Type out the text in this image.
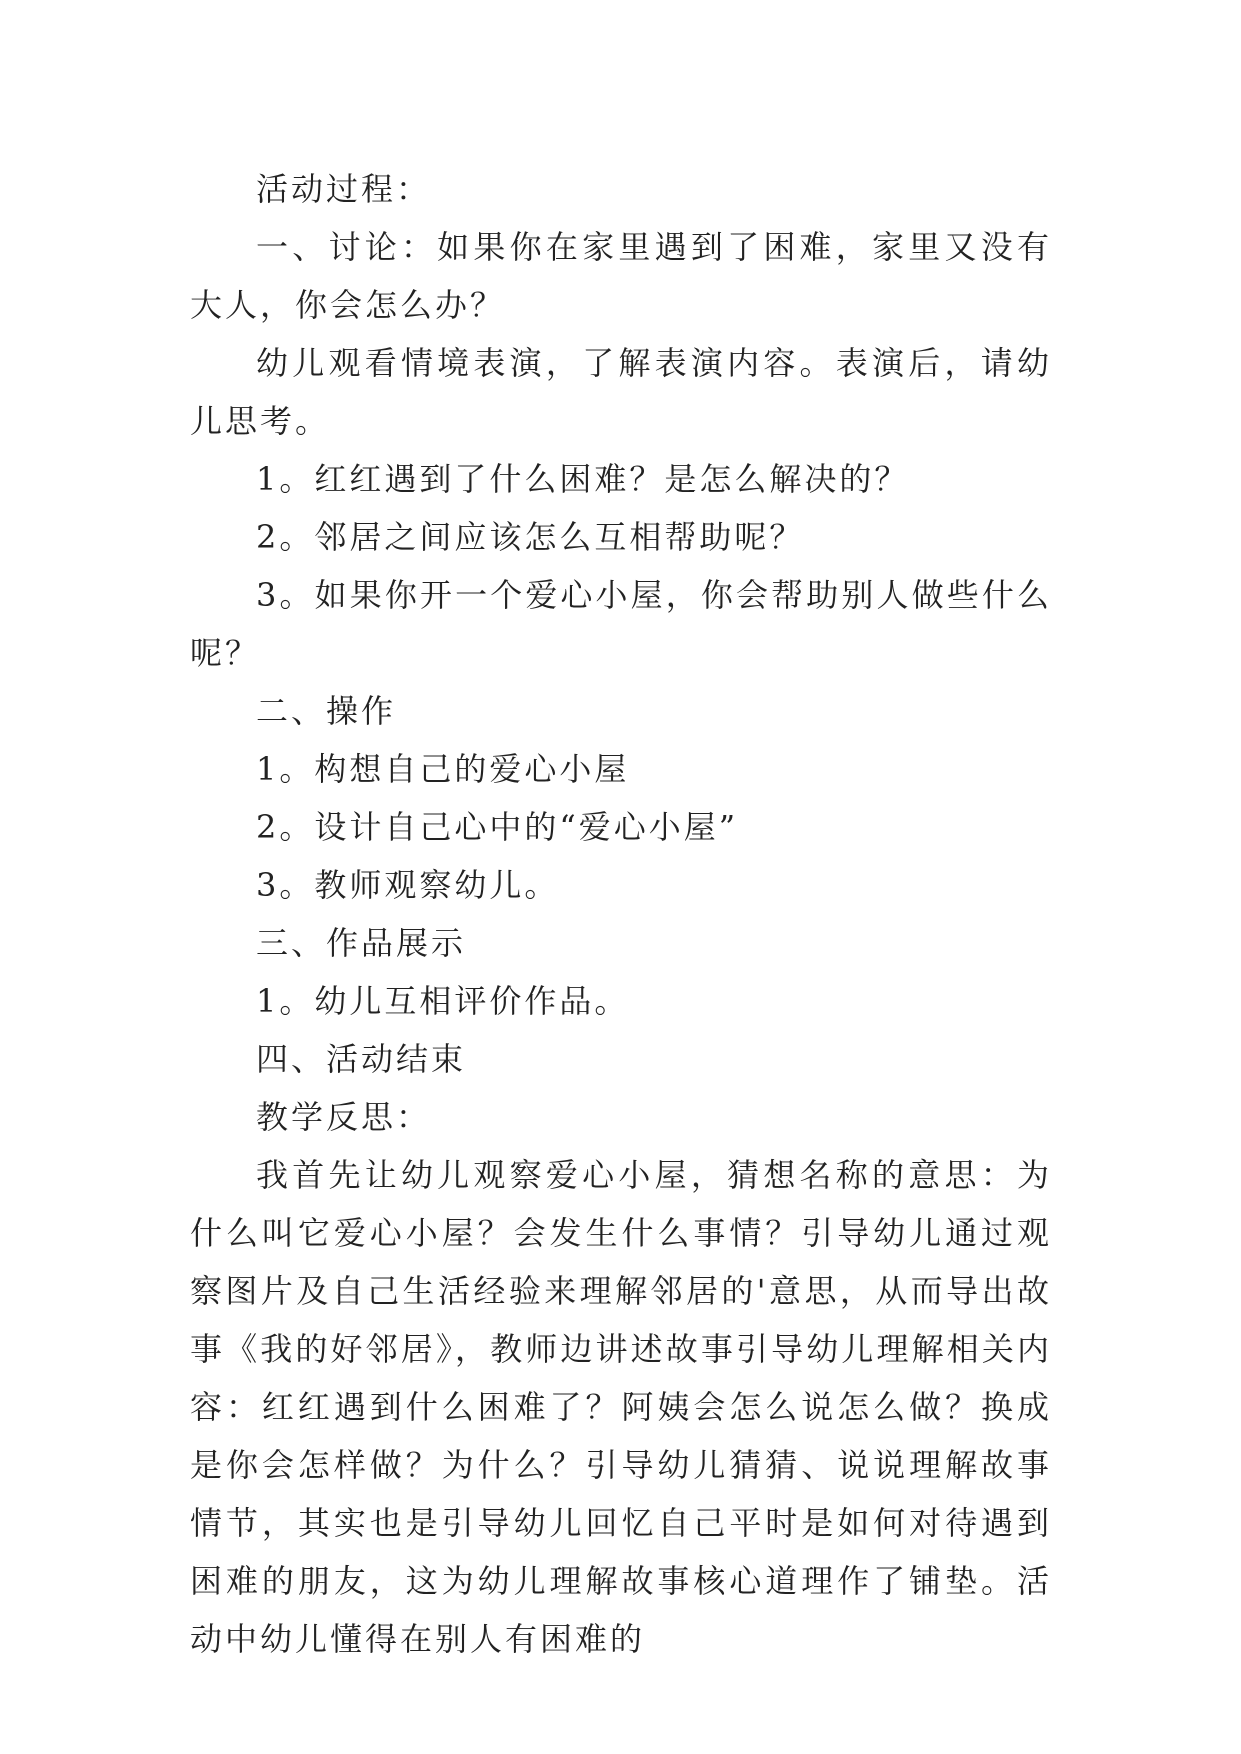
活动过程：

一、讨论：如果你在家里遇到了困难，家里又没有大人，你会怎么办？

幼儿观看情境表演，了解表演内容。表演后，请幼儿思考。

1。红红遇到了什么困难？是怎么解决的？

2。邻居之间应该怎么互相帮助呢？

3。如果你开一个爱心小屋，你会帮助别人做些什么呢？

二、操作

1。构想自己的爱心小屋

2。设计自己心中的“爱心小屋”

3。教师观察幼儿。

三、作品展示

1。幼儿互相评价作品。

四、活动结束

教学反思：

我首先让幼儿观察爱心小屋，猜想名称的意思：为什么叫它爱心小屋？会发生什么事情？引导幼儿通过观察图片及自己生活经验来理解邻居的'意思，从而导出故事《我的好邻居》，教师边讲述故事引导幼儿理解相关内容：红红遇到什么困难了？阿姨会怎么说怎么做？换成是你会怎样做？为什么？引导幼儿猜猜、说说理解故事情节，其实也是引导幼儿回忆自己平时是如何对待遇到困难的朋友，这为幼儿理解故事核心道理作了铺垫。活动中幼儿懂得在别人有困难的
